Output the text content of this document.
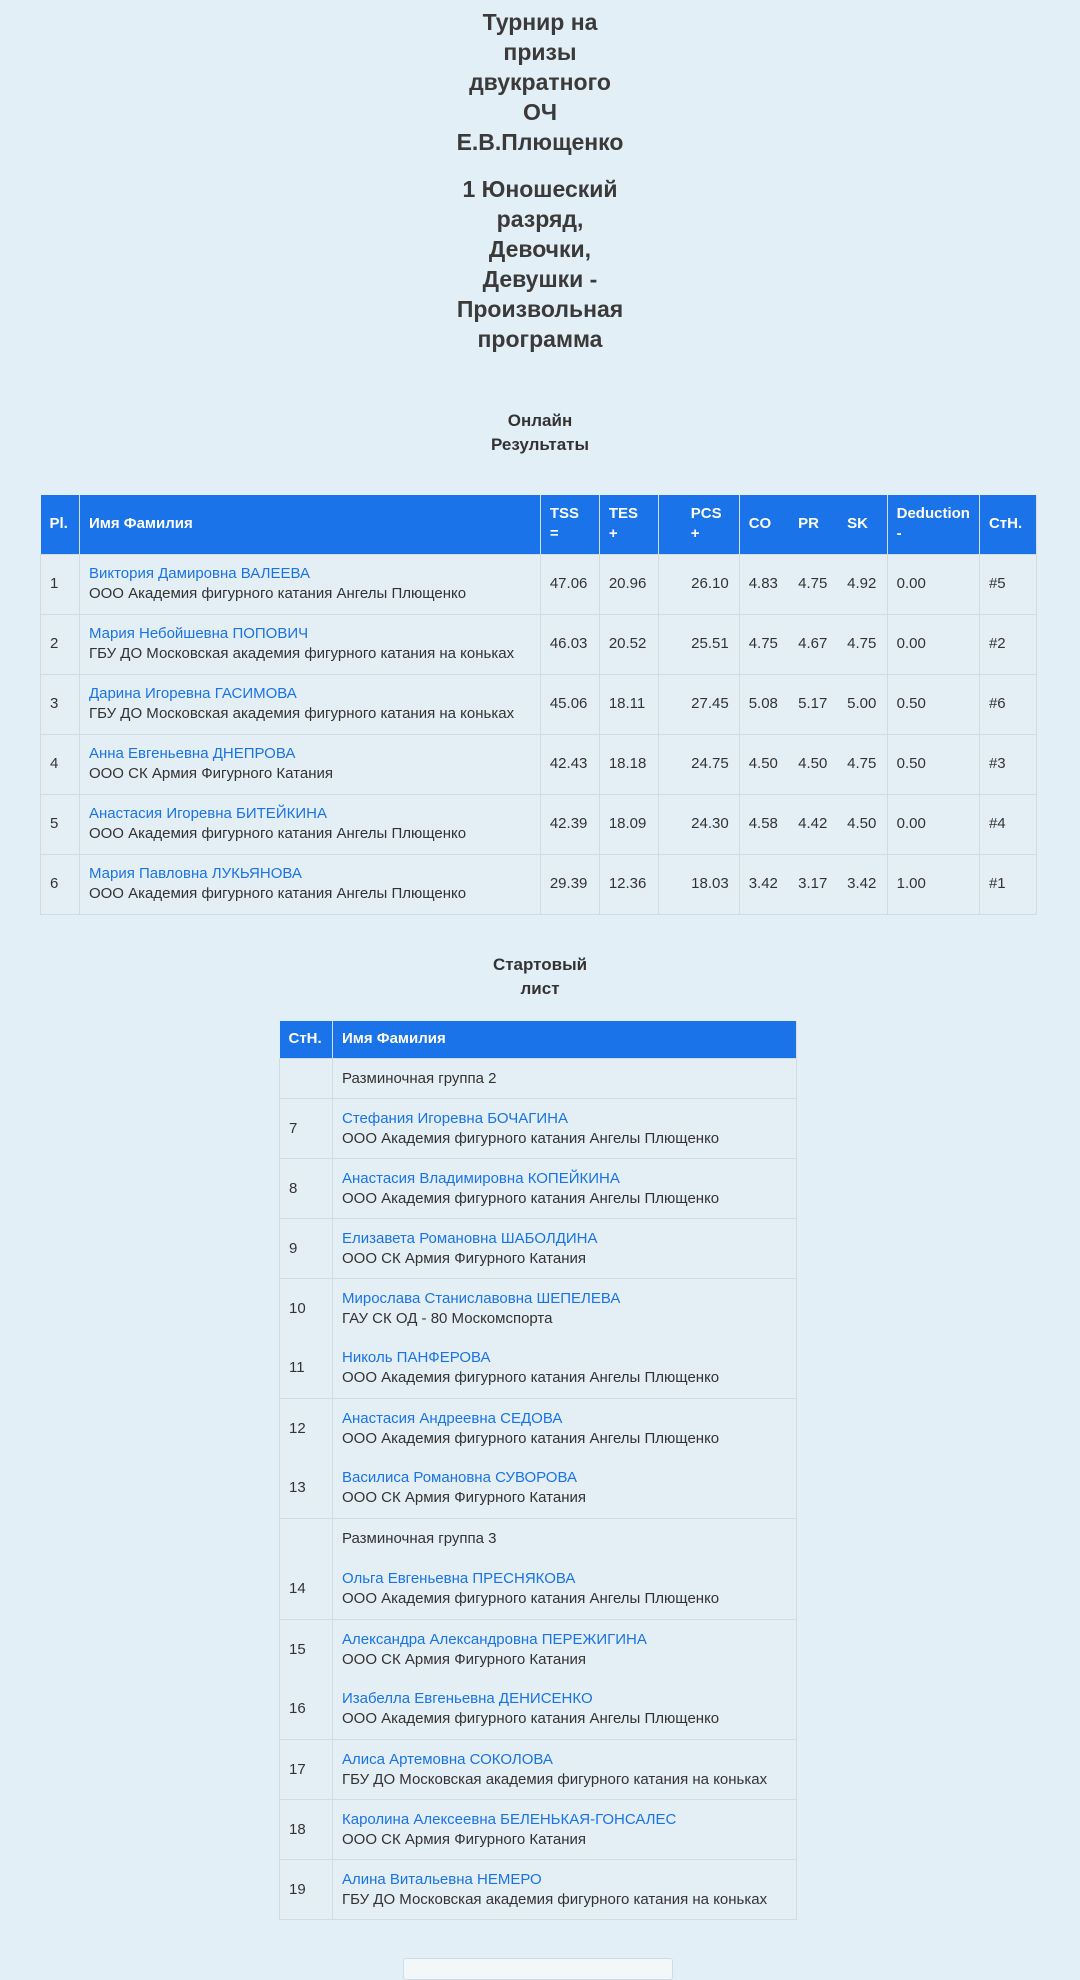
Турнир на
призы
двукратного
ОЧ
Е.В.Плющенко
1 Юношеский
разряд,
Девочки,
Девушки -
Произвольная
программа
Онлайн
Результаты
Pl.	Имя Фамилия	TSS
=	TES
+	PCS
+	CO	PR	SK	Deduction
-	СтН.
1	Виктория Дамировна ВАЛЕЕВА
ООО Академия фигурного катания Ангелы Плющенко	47.06	20.96	26.10	4.83	4.75	4.92	0.00	#5
2	Мария Небойшевна ПОПОВИЧ
ГБУ ДО Московская академия фигурного катания на коньках	46.03	20.52	25.51	4.75	4.67	4.75	0.00	#2
3	Дарина Игоревна ГАСИМОВА
ГБУ ДО Московская академия фигурного катания на коньках	45.06	18.11	27.45	5.08	5.17	5.00	0.50	#6
4	Анна Евгеньевна ДНЕПРОВА
ООО СК Армия Фигурного Катания	42.43	18.18	24.75	4.50	4.50	4.75	0.50	#3
5	Анастасия Игоревна БИТЕЙКИНА
ООО Академия фигурного катания Ангелы Плющенко	42.39	18.09	24.30	4.58	4.42	4.50	0.00	#4
6	Мария Павловна ЛУКЬЯНОВА
ООО Академия фигурного катания Ангелы Плющенко	29.39	12.36	18.03	3.42	3.17	3.42	1.00	#1
Стартовый
лист
СтН.	Имя Фамилия
	Разминочная группа 2
7	Стефания Игоревна БОЧАГИНА
ООО Академия фигурного катания Ангелы Плющенко

8	Анастасия Владимировна КОПЕЙКИНА
ООО Академия фигурного катания Ангелы Плющенко

9	Елизавета Романовна ШАБОЛДИНА
ООО СК Армия Фигурного Катания

10	Мирослава Станиславовна ШЕПЕЛЕВА
ГАУ СК ОД - 80 Москомспорта

11	Николь ПАНФЕРОВА
ООО Академия фигурного катания Ангелы Плющенко

12	Анастасия Андреевна СЕДОВА
ООО Академия фигурного катания Ангелы Плющенко

13	Василиса Романовна СУВОРОВА
ООО СК Армия Фигурного Катания

	Разминочная группа 3
14	Ольга Евгеньевна ПРЕСНЯКОВА
ООО Академия фигурного катания Ангелы Плющенко

15	Александра Александровна ПЕРЕЖИГИНА
ООО СК Армия Фигурного Катания

16	Изабелла Евгеньевна ДЕНИСЕНКО
ООО Академия фигурного катания Ангелы Плющенко

17	Алиса Артемовна СОКОЛОВА
ГБУ ДО Московская академия фигурного катания на коньках

18	Каролина Алексеевна БЕЛЕНЬКАЯ-ГОНСАЛЕС
ООО СК Армия Фигурного Катания

19	Алина Витальевна НЕМЕРО
ГБУ ДО Московская академия фигурного катания на коньках
